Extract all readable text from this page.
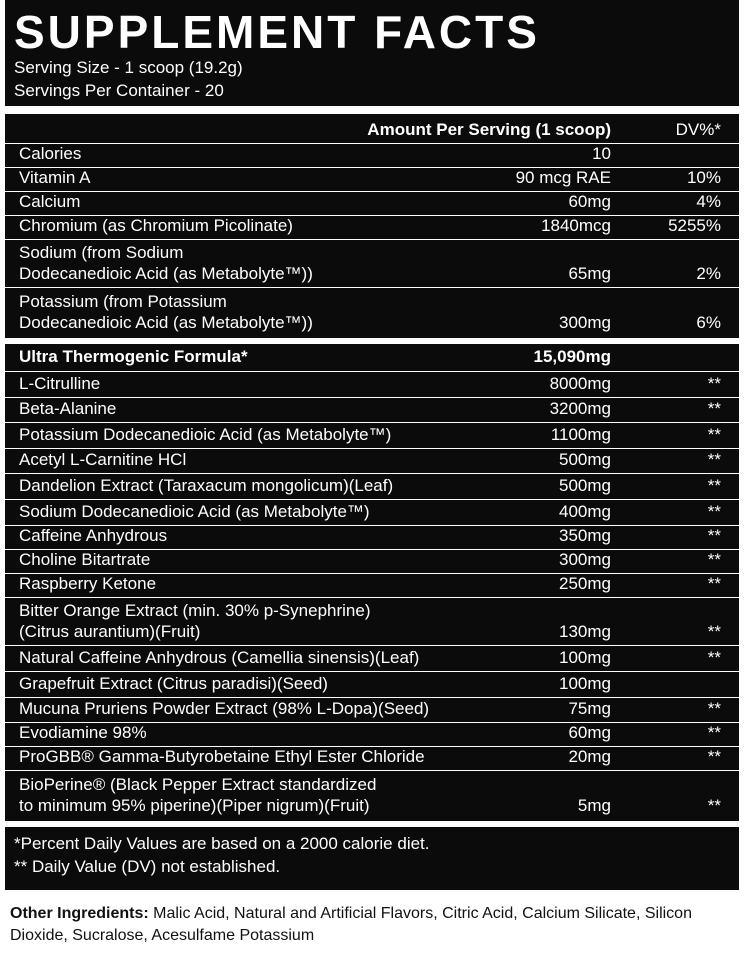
SUPPLEMENT FACTS
Serving Size - 1 scoop (19.2g)
Servings Per Container - 20
Amount Per Serving (1 scoop)	DV%*
Calories	10
Vitamin A	90 mcg RAE	10%
Calcium	60mg	4%
Chromium (as Chromium Picolinate)	1840mcg	5255%
Sodium (from Sodium
Dodecanedioic Acid (as Metabolyte™))	65mg	2%
Potassium (from Potassium
Dodecanedioic Acid (as Metabolyte™))	300mg	6%
Ultra Thermogenic Formula*	15,090mg
L-Citrulline	8000mg	**
Beta-Alanine	3200mg	**
Potassium Dodecanedioic Acid (as Metabolyte™)	1100mg	**
Acetyl L-Carnitine HCl	500mg	**
Dandelion Extract (Taraxacum mongolicum)(Leaf)	500mg	**
Sodium Dodecanedioic Acid (as Metabolyte™)	400mg	**
Caffeine Anhydrous	350mg	**
Choline Bitartrate	300mg	**
Raspberry Ketone	250mg	**
Bitter Orange Extract (min. 30% p-Synephrine)
(Citrus aurantium)(Fruit)	130mg	**
Natural Caffeine Anhydrous (Camellia sinensis)(Leaf)	100mg	**
Grapefruit Extract (Citrus paradisi)(Seed)	100mg
Mucuna Pruriens Powder Extract (98% L-Dopa)(Seed)	75mg	**
Evodiamine 98%	60mg	**
ProGBB® Gamma-Butyrobetaine Ethyl Ester Chloride	20mg	**
BioPerine® (Black Pepper Extract standardized
to minimum 95% piperine)(Piper nigrum)(Fruit)	5mg	**
*Percent Daily Values are based on a 2000 calorie diet.
** Daily Value (DV) not established.
Other Ingredients: Malic Acid, Natural and Artificial Flavors, Citric Acid, Calcium Silicate, Silicon Dioxide, Sucralose, Acesulfame Potassium
